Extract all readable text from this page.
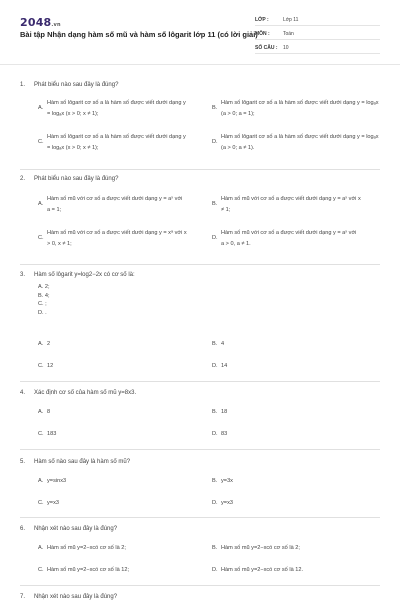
2048.vn
Bài tập Nhận dạng hàm số mũ và hàm số lôgarit lớp 11 (có lời giải)
LỚP :	Lớp 11
MÔN :	Toán
SỐ CÂU : 10
1. Phát biểu nào sau đây là đúng?
A.
Hàm số lôgarit cơ số a là hàm số được viết dưới dạng y = logₐx (x > 0; x ≠ 1);
B.
Hàm số lôgarit cơ số a là hàm số được viết dưới dạng y = logₐx (a > 0; a = 1);
C.
Hàm số lôgarit cơ số a là hàm số được viết dưới dạng y = logₐx (x > 0; x ≠ 1);
D.
Hàm số lôgarit cơ số a là hàm số được viết dưới dạng y = logₐx (a > 0; a ≠ 1).
2. Phát biểu nào sau đây là đúng?
A.
Hàm số mũ với cơ số a được viết dưới dạng y = aˣ với a = 1;
B.
Hàm số mũ với cơ số a được viết dưới dạng y = aˣ với x ≠ 1;
C.
Hàm số mũ với cơ số a được viết dưới dạng y = xᵃ với x > 0, x ≠ 1;
D.
Hàm số mũ với cơ số a được viết dưới dạng y = aˣ với a > 0, a ≠ 1.
3. Hàm số lôgarit y=log2−2x có cơ số là:
A. 2;
B. 4;
C. ;
D. .
A. 2	B. 4
C. 12	D. 14
4. Xác định cơ số của hàm số mũ y=8x3.
A. 8	B. 18
C. 183	D. 83
5. Hàm số nào sau đây là hàm số mũ?
A. y=sinx3	B. y=3x
C. y=x3	D. y=x3
6. Nhận xét nào sau đây là đúng?
A. Hàm số mũ y=2−xcó cơ số là 2;	B. Hàm số mũ y=2−xcó cơ số là 2;
C. Hàm số mũ y=2−xcó cơ số là 12;	D. Hàm số mũ y=2−xcó cơ số là 12.
7. Nhận xét nào sau đây là đúng?
